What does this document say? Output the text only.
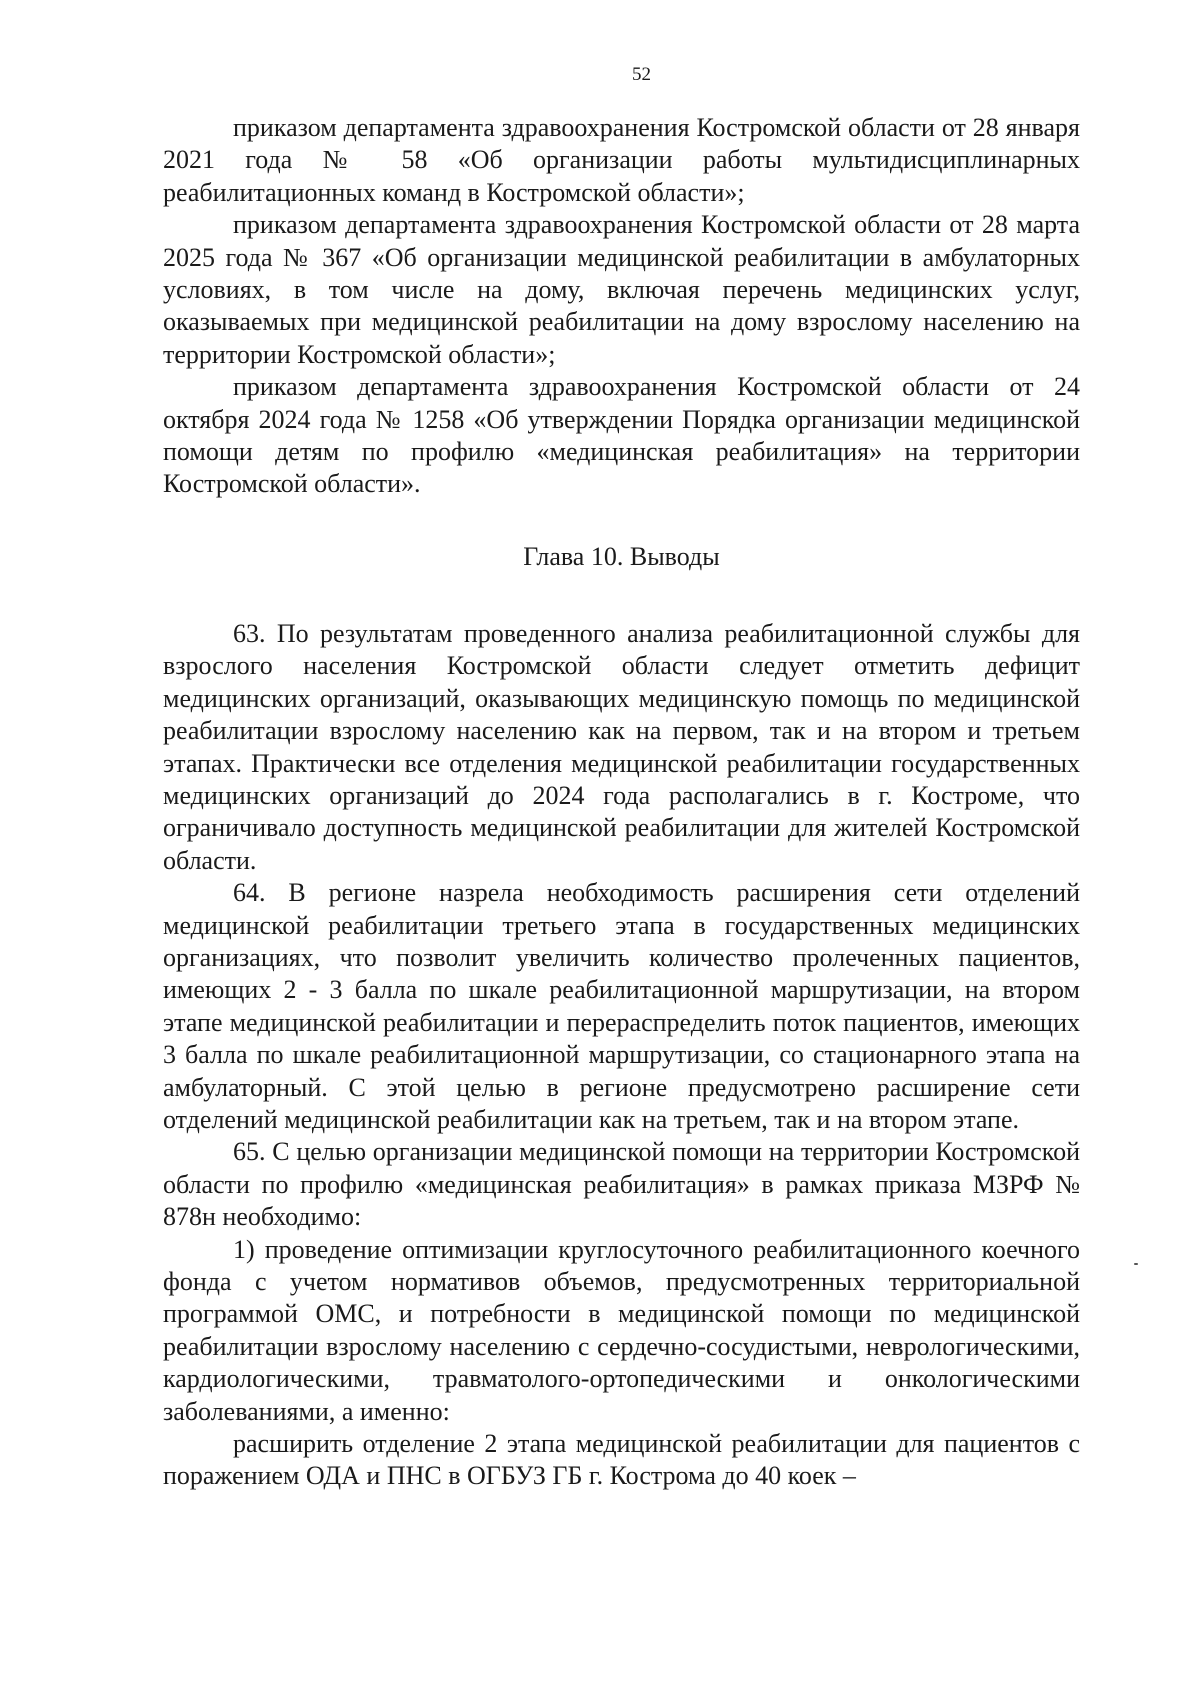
52

приказом департамента здравоохранения Костромской области от 28 января 2021 года № 58 «Об организации работы мультидисциплинарных реабилитационных команд в Костромской области»;

приказом департамента здравоохранения Костромской области от 28 марта 2025 года № 367 «Об организации медицинской реабилитации в амбулаторных условиях, в том числе на дому, включая перечень медицинских услуг, оказываемых при медицинской реабилитации на дому взрослому населению на территории Костромской области»;

приказом департамента здравоохранения Костромской области от 24 октября 2024 года № 1258 «Об утверждении Порядка организации медицинской помощи детям по профилю «медицинская реабилитация» на территории Костромской области».

Глава 10. Выводы

63. По результатам проведенного анализа реабилитационной службы для взрослого населения Костромской области следует отметить дефицит медицинских организаций, оказывающих медицинскую помощь по медицинской реабилитации взрослому населению как на первом, так и на втором и третьем этапах. Практически все отделения медицинской реабилитации государственных медицинских организаций до 2024 года располагались в г. Костроме, что ограничивало доступность медицинской реабилитации для жителей Костромской области.

64. В регионе назрела необходимость расширения сети отделений медицинской реабилитации третьего этапа в государственных медицинских организациях, что позволит увеличить количество пролеченных пациентов, имеющих 2 - 3 балла по шкале реабилитационной маршрутизации, на втором этапе медицинской реабилитации и перераспределить поток пациентов, имеющих 3 балла по шкале реабилитационной маршрутизации, со стационарного этапа на амбулаторный. С этой целью в регионе предусмотрено расширение сети отделений медицинской реабилитации как на третьем, так и на втором этапе.

65. С целью организации медицинской помощи на территории Костромской области по профилю «медицинская реабилитация» в рамках приказа МЗРФ № 878н необходимо:

1) проведение оптимизации круглосуточного реабилитационного коечного фонда с учетом нормативов объемов, предусмотренных территориальной программой ОМС, и потребности в медицинской помощи по медицинской реабилитации взрослому населению с сердечно-сосудистыми, неврологическими, кардиологическими, травматолого-ортопедическими и онкологическими заболеваниями, а именно:

расширить отделение 2 этапа медицинской реабилитации для пациентов с поражением ОДА и ПНС в ОГБУЗ ГБ г. Кострома до 40 коек –
